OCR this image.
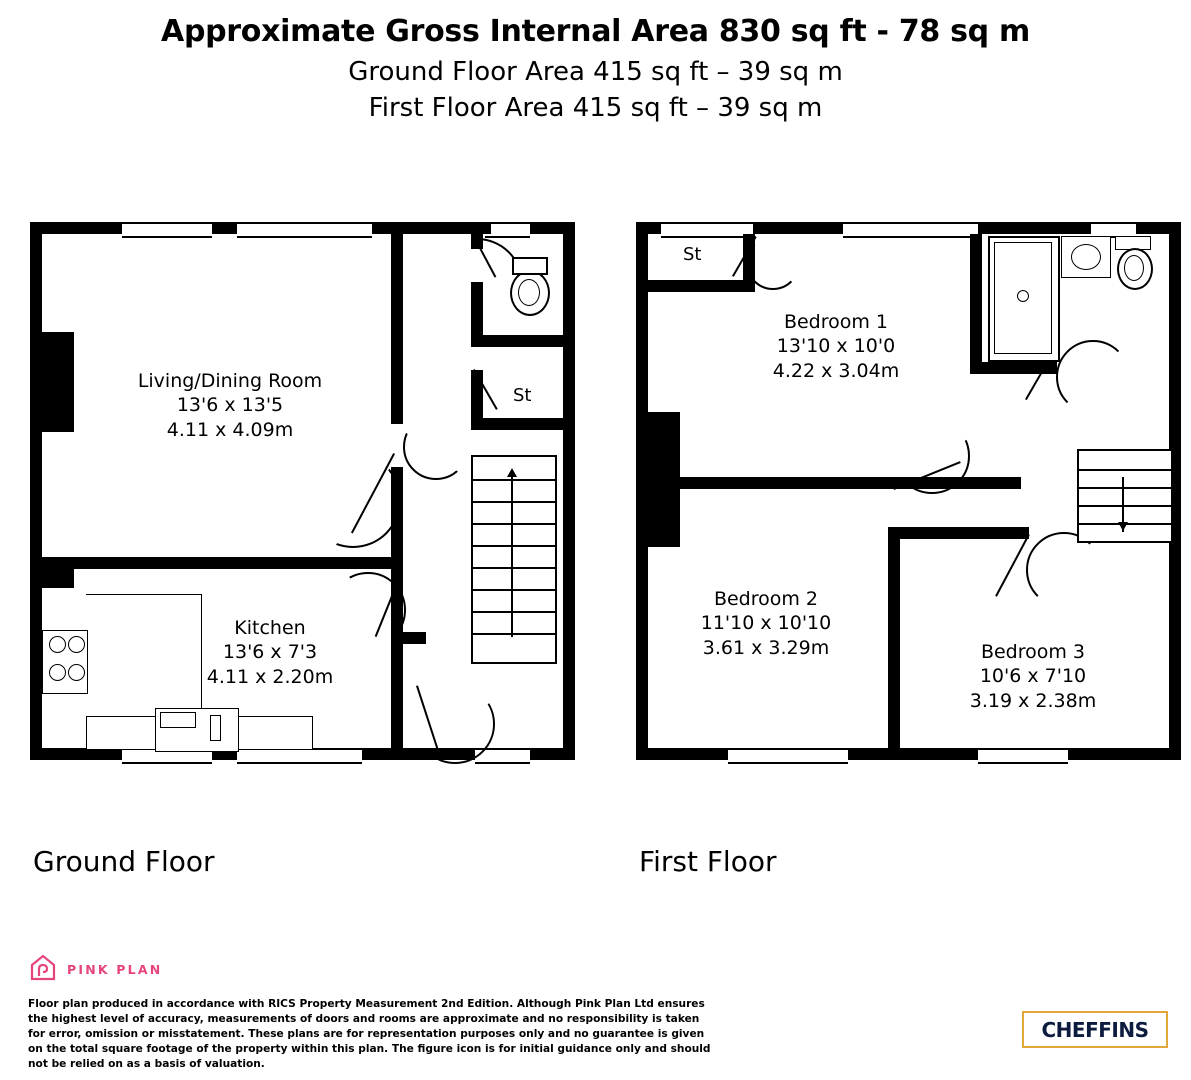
Approximate Gross Internal Area 830 sq ft - 78 sq m
Ground Floor Area 415 sq ft – 39 sq m
First Floor Area 415 sq ft – 39 sq m
St
Living/Dining Room
13'6 x 13'5
4.11 x 4.09m
Kitchen
13'6 x 7'3
4.11 x 2.20m
St
Bedroom 1
13'10 x 10'0
4.22 x 3.04m
Bedroom 2
11'10 x 10'10
3.61 x 3.29m	Bedroom 3
10'6 x 7'10
3.19 x 2.38m
Ground Floor	First Floor
PINK PLAN
Floor plan produced in accordance with RICS Property Measurement 2nd Edition. Although Pink Plan Ltd ensures the highest level of accuracy, measurements of doors and rooms are approximate and no responsibility is taken for error, omission or misstatement. These plans are for representation purposes only and no guarantee is given on the total square footage of the property within this plan. The figure icon is for initial guidance only and should not be relied on as a basis of valuation.
CHEFFINS
